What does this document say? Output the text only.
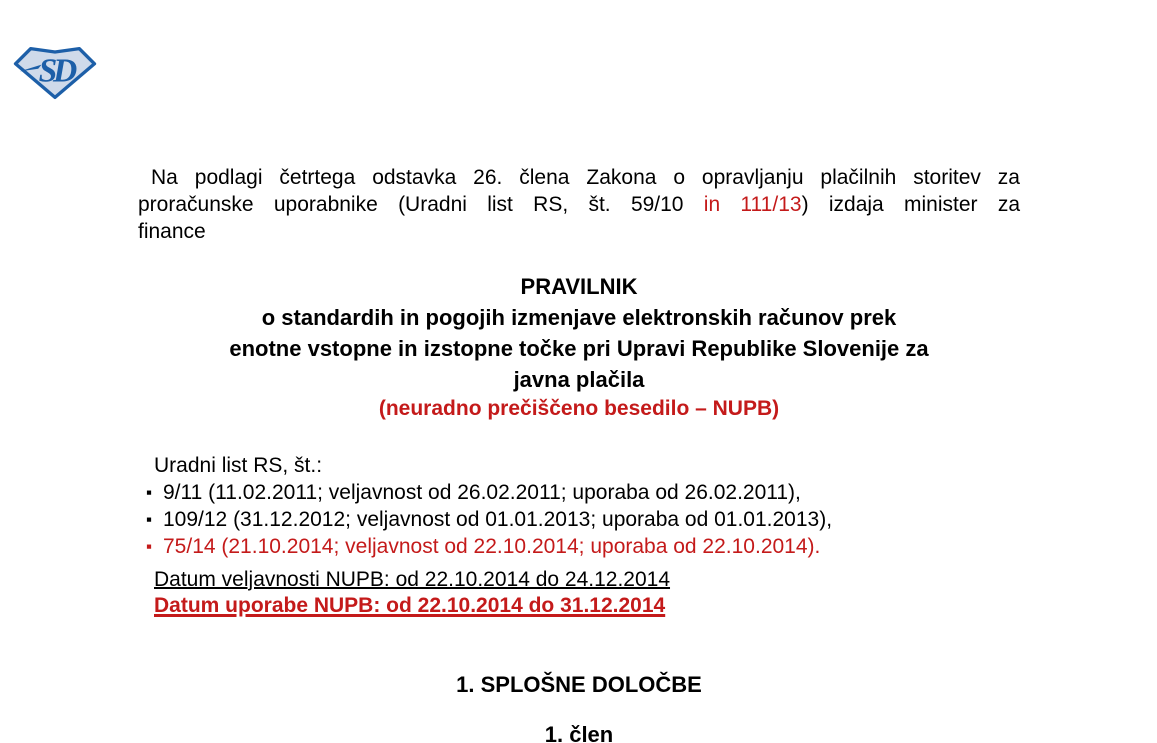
SD
Na podlagi četrtega odstavka 26. člena Zakona o opravljanju plačilnih storitev za
proračunske uporabnike (Uradni list RS, št. 59/10 in 111/13) izdaja minister za
finance
PRAVILNIK
o standardih in pogojih izmenjave elektronskih računov prek
enotne vstopne in izstopne točke pri Upravi Republike Slovenije za
javna plačila
(neuradno prečiščeno besedilo – NUPB)
Uradni list RS, št.:
▪ 9/11 (11.02.2011; veljavnost od 26.02.2011; uporaba od 26.02.2011),
▪ 109/12 (31.12.2012; veljavnost od 01.01.2013; uporaba od 01.01.2013),
▪ 75/14 (21.10.2014; veljavnost od 22.10.2014; uporaba od 22.10.2014).
Datum veljavnosti NUPB: od 22.10.2014 do 24.12.2014
Datum uporabe NUPB: od 22.10.2014 do 31.12.2014
1. SPLOŠNE DOLOČBE
1. člen
